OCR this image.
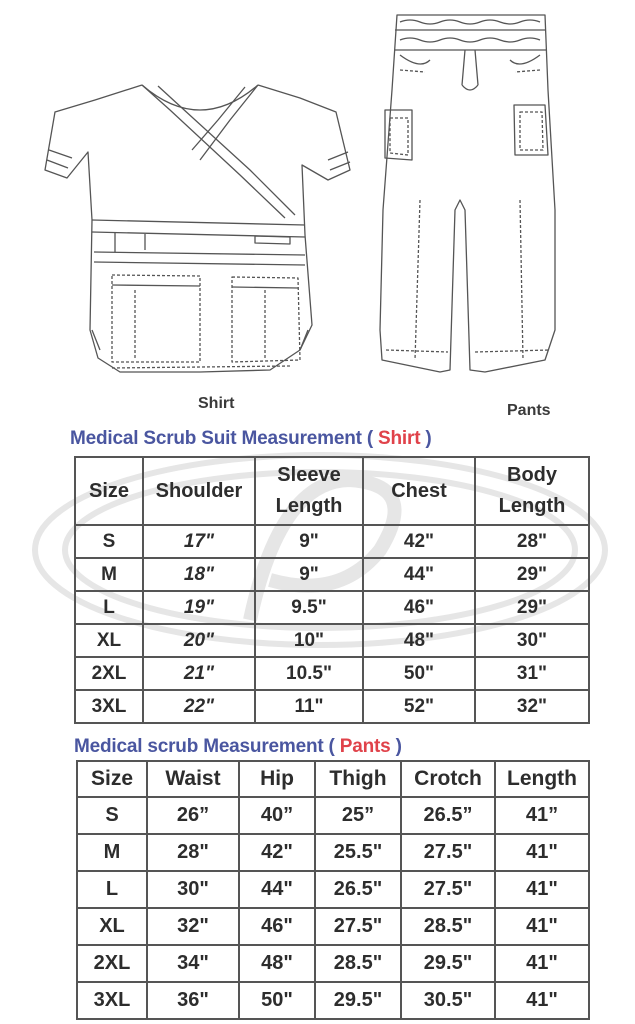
Shirt	Pants
Medical Scrub Suit Measurement ( Shirt )
Size	Shoulder	Sleeve Length	Chest	Body Length
S	17"	9"	42"	28"
M	18"	9"	44"	29"
L	19"	9.5"	46"	29"
XL	20"	10"	48"	30"
2XL	21"	10.5"	50"	31"
3XL	22"	11"	52"	32"
Medical scrub Measurement ( Pants )
Size	Waist	Hip	Thigh	Crotch	Length
S	26”	40”	25”	26.5”	41”
M	28"	42"	25.5"	27.5"	41"
L	30"	44"	26.5"	27.5"	41"
XL	32"	46"	27.5"	28.5"	41"
2XL	34"	48"	28.5"	29.5"	41"
3XL	36"	50"	29.5"	30.5"	41"
